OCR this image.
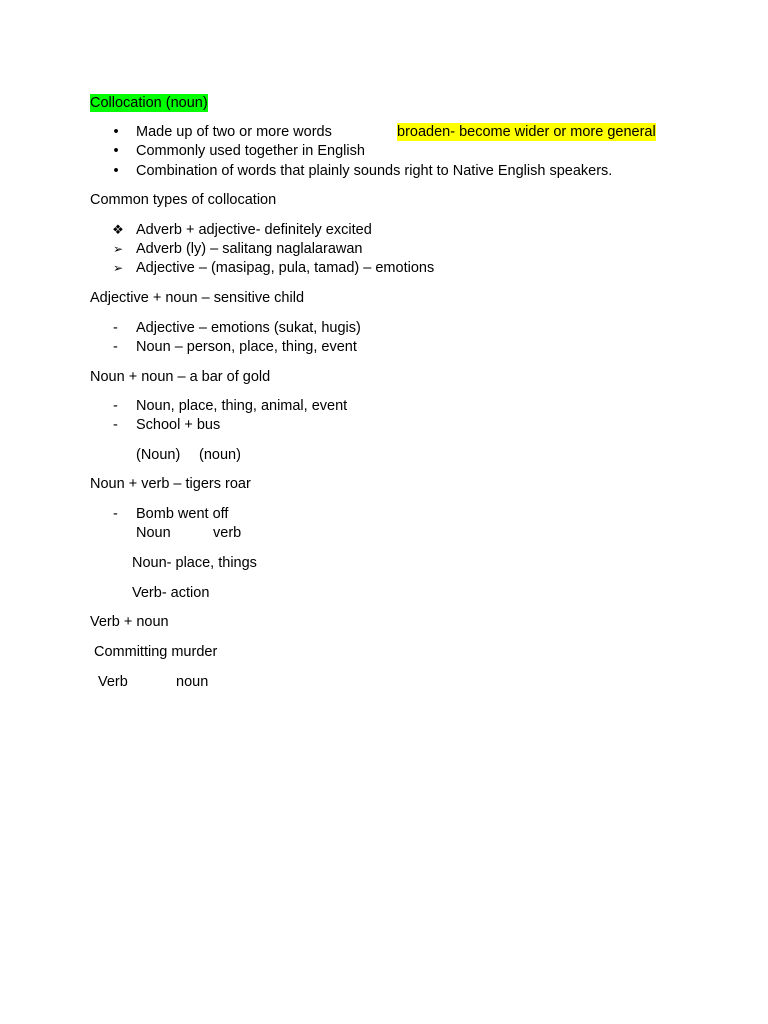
Collocation (noun)
•	Made up of two or more words	broaden- become wider or more general
•	Commonly used together in English
•	Combination of words that plainly sounds right to Native English speakers.
Common types of collocation
❖ Adverb + adjective- definitely excited
➢ Adverb (ly) – salitang naglalarawan
➢ Adjective – (masipag, pula, tamad) – emotions
Adjective + noun – sensitive child
- Adjective – emotions (sukat, hugis)
- Noun – person, place, thing, event
Noun + noun – a bar of gold
- Noun, place, thing, animal, event
- School + bus
(Noun) (noun)
Noun + verb – tigers roar
- Bomb went off
Noun	verb
Noun- place, things
Verb- action
Verb + noun
Committing murder
Verb	noun
